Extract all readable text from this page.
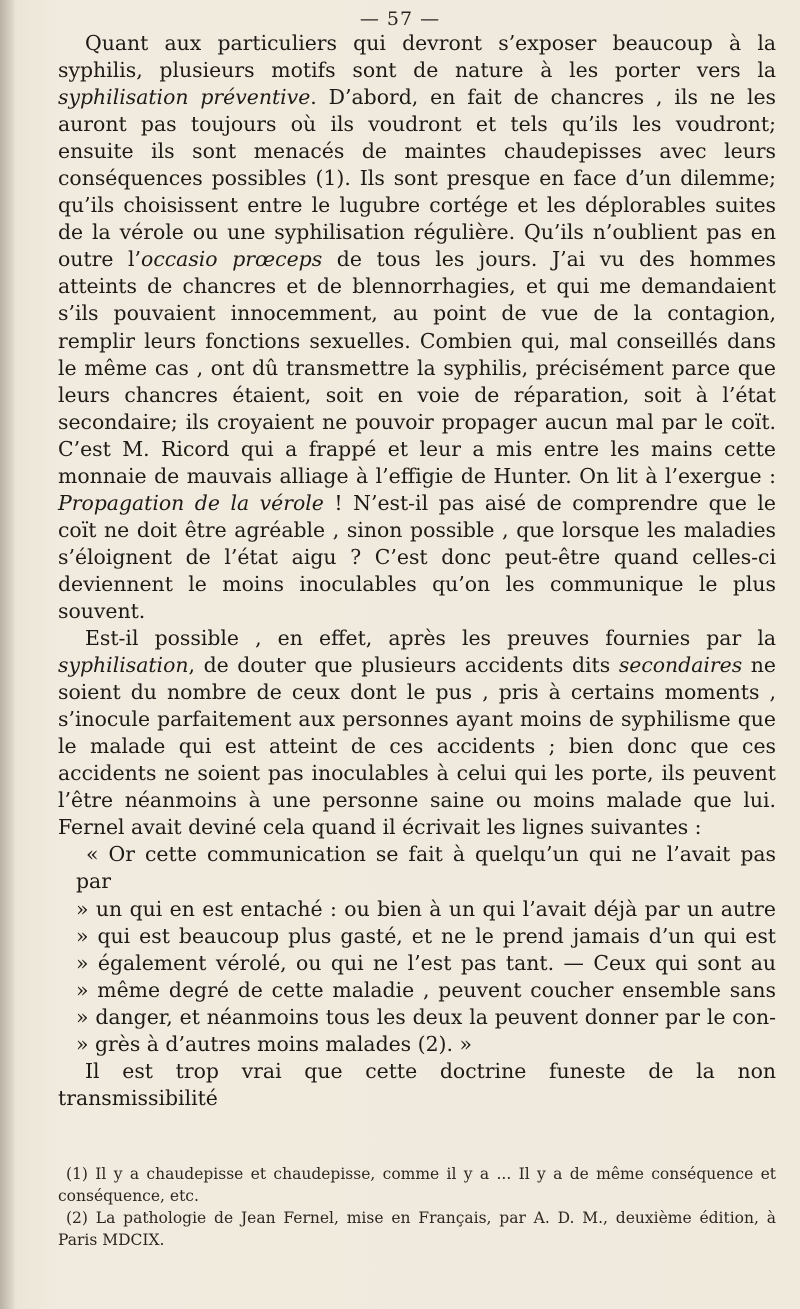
— 57 —

Quant aux particuliers qui devront s’exposer beaucoup à la syphilis, plusieurs motifs sont de nature à les porter vers la syphilisation préventive. D’abord, en fait de chancres , ils ne les auront pas toujours où ils voudront et tels qu’ils les voudront; ensuite ils sont menacés de maintes chaudepisses avec leurs conséquences possibles (1). Ils sont presque en face d’un dilemme; qu’ils choisissent entre le lugubre cortége et les déplorables suites de la vérole ou une syphilisation régulière. Qu’ils n’oublient pas en outre l’occasio prœceps de tous les jours. J’ai vu des hommes atteints de chancres et de blennorrhagies, et qui me demandaient s’ils pouvaient innocemment, au point de vue de la contagion, remplir leurs fonctions sexuelles. Combien qui, mal conseillés dans le même cas , ont dû transmettre la syphilis, précisément parce que leurs chancres étaient, soit en voie de réparation, soit à l’état secondaire; ils croyaient ne pouvoir propager aucun mal par le coït. C’est M. Ricord qui a frappé et leur a mis entre les mains cette monnaie de mauvais alliage à l’effigie de Hunter. On lit à l’exergue : Propagation de la vérole ! N’est-il pas aisé de comprendre que le coït ne doit être agréable , sinon possible , que lorsque les maladies s’éloignent de l’état aigu ? C’est donc peut-être quand celles-ci deviennent le moins inoculables qu’on les communique le plus souvent.

Est-il possible , en effet, après les preuves fournies par la syphilisation, de douter que plusieurs accidents dits secondaires ne soient du nombre de ceux dont le pus , pris à certains moments , s’inocule parfaitement aux personnes ayant moins de syphilisme que le malade qui est atteint de ces accidents ; bien donc que ces accidents ne soient pas inoculables à celui qui les porte, ils peuvent l’être néanmoins à une personne saine ou moins malade que lui. Fernel avait deviné cela quand il écrivait les lignes suivantes :

« Or cette communication se fait à quelqu’un qui ne l’avait pas par
» un qui en est entaché : ou bien à un qui l’avait déjà par un autre
» qui est beaucoup plus gasté, et ne le prend jamais d’un qui est
» également vérolé, ou qui ne l’est pas tant. — Ceux qui sont au
» même degré de cette maladie , peuvent coucher ensemble sans
» danger, et néanmoins tous les deux la peuvent donner par le con-
» grès à d’autres moins malades (2). »

Il est trop vrai que cette doctrine funeste de la non transmissibilité

(1) Il y a chaudepisse et chaudepisse, comme il y a ... Il y a de même conséquence et conséquence, etc.

(2) La pathologie de Jean Fernel, mise en Français, par A. D. M., deuxième édition, à Paris MDCIX.
